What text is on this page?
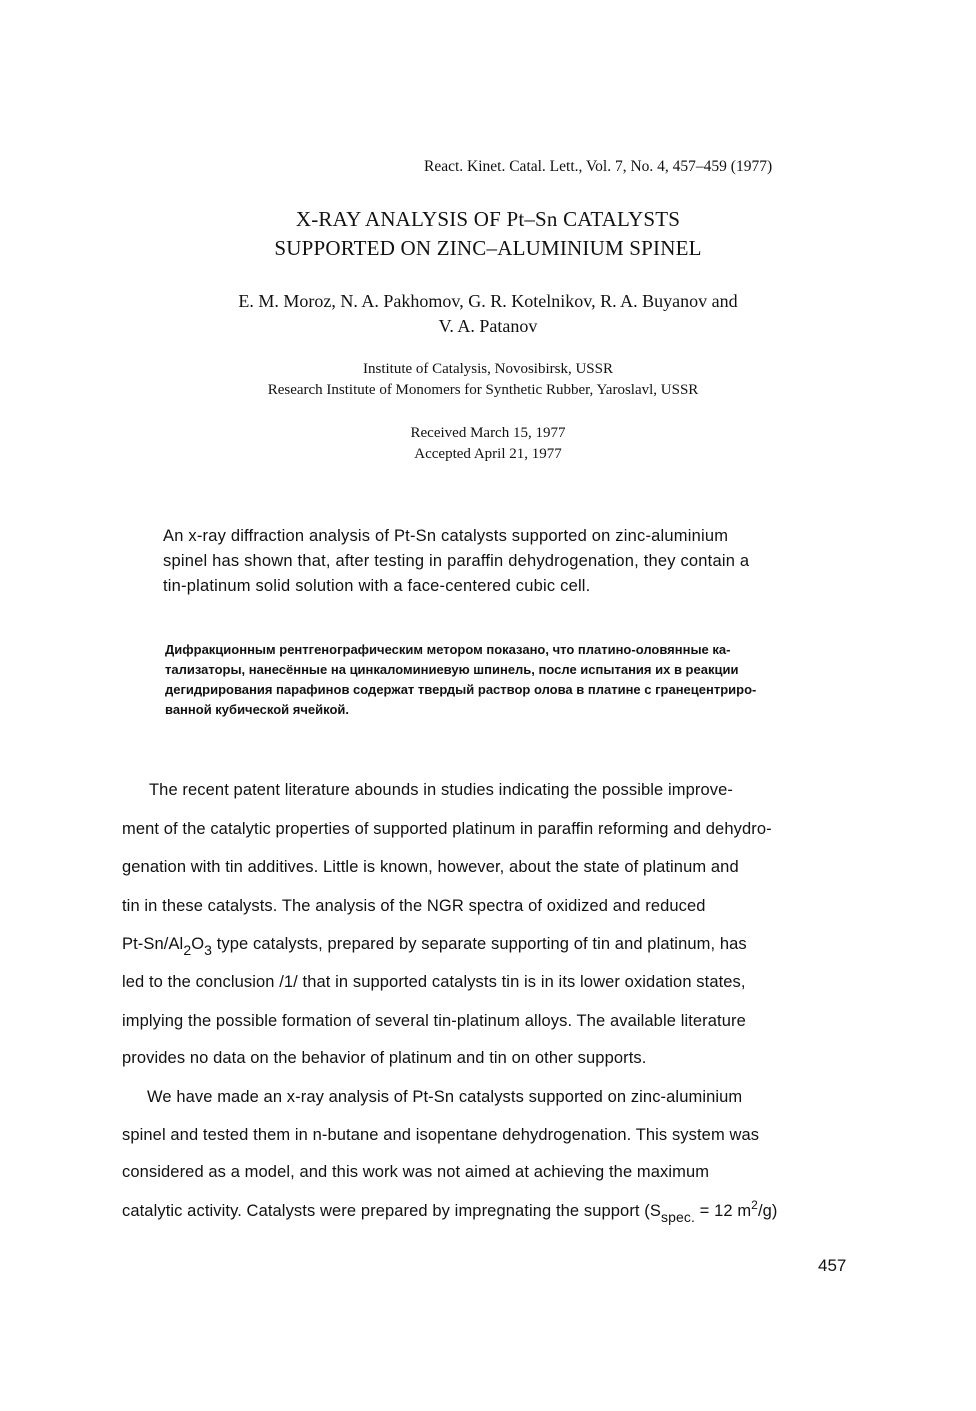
React. Kinet. Catal. Lett., Vol. 7, No. 4, 457–459 (1977)
X-RAY ANALYSIS OF Pt–Sn CATALYSTS
SUPPORTED ON ZINC–ALUMINIUM SPINEL
E. M. Moroz, N. A. Pakhomov, G. R. Kotelnikov, R. A. Buyanov and
V. A. Patanov
Institute of Catalysis, Novosibirsk, USSR
Research Institute of Monomers for Synthetic Rubber, Yaroslavl, USSR
Received March 15, 1977
Accepted April 21, 1977
An x-ray diffraction analysis of Pt-Sn catalysts supported on zinc-aluminium
spinel has shown that, after testing in paraffin dehydrogenation, they contain a
tin-platinum solid solution with a face-centered cubic cell.
Дифракционным рентгенографическим метором показано, что платино-оловянные ка-
тализаторы, нанесённые на цинкаломиниевую шпинель, после испытания их в реакции
дегидрирования парафинов содержат твердый раствор олова в платине с гранецентриро-
ванной кубической ячейкой.
The recent patent literature abounds in studies indicating the possible improve-
ment of the catalytic properties of supported platinum in paraffin reforming and dehydro-
genation with tin additives. Little is known, however, about the state of platinum and
tin in these catalysts. The analysis of the NGR spectra of oxidized and reduced
$Pt-Sn/Al_2O_3$ type catalysts, prepared by separate supporting of tin and platinum, has
led to the conclusion /1/ that in supported catalysts tin is in its lower oxidation states,
implying the possible formation of several tin-platinum alloys. The available literature
provides no data on the behavior of platinum and tin on other supports.
We have made an x-ray analysis of Pt-Sn catalysts supported on zinc-aluminium
spinel and tested them in n-butane and isopentane dehydrogenation. This system was
considered as a model, and this work was not aimed at achieving the maximum
catalytic activity. Catalysts were prepared by impregnating the support ($S_{spec.} = 12$ $m^2/g$)
457
